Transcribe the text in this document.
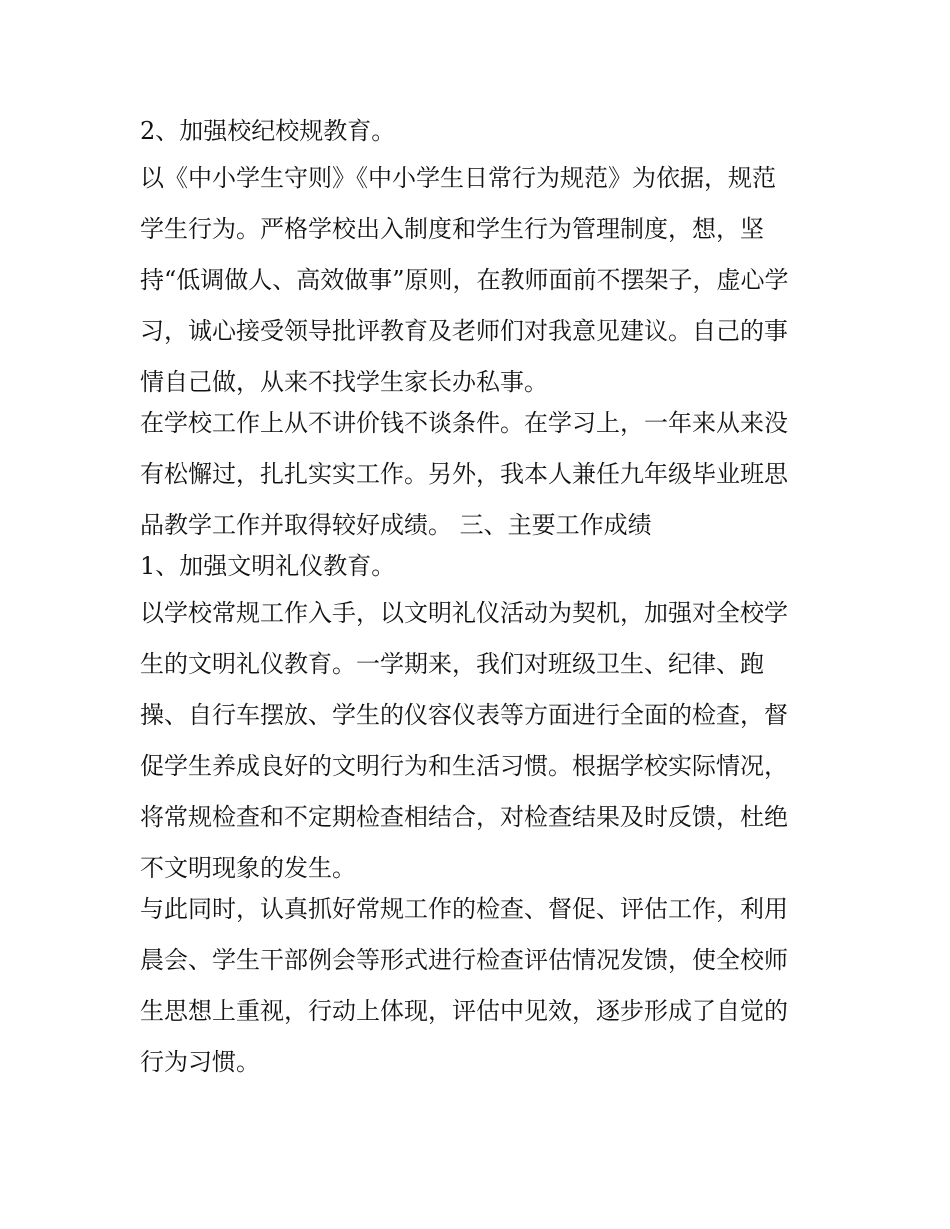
2、加强校纪校规教育。
以《中小学生守则》《中小学生日常行为规范》为依据，规范
学生行为。严格学校出入制度和学生行为管理制度，想，坚
持“低调做人、高效做事”原则，在教师面前不摆架子，虚心学
习，诚心接受领导批评教育及老师们对我意见建议。自己的事
情自己做，从来不找学生家长办私事。
在学校工作上从不讲价钱不谈条件。在学习上，一年来从来没
有松懈过，扎扎实实工作。另外，我本人兼任九年级毕业班思
品教学工作并取得较好成绩。 三、主要工作成绩
1、加强文明礼仪教育。
以学校常规工作入手，以文明礼仪活动为契机，加强对全校学
生的文明礼仪教育。一学期来，我们对班级卫生、纪律、跑
操、自行车摆放、学生的仪容仪表等方面进行全面的检查，督
促学生养成良好的文明行为和生活习惯。根据学校实际情况，
将常规检查和不定期检查相结合，对检查结果及时反馈，杜绝
不文明现象的发生。
与此同时，认真抓好常规工作的检查、督促、评估工作，利用
晨会、学生干部例会等形式进行检查评估情况发馈，使全校师
生思想上重视，行动上体现，评估中见效，逐步形成了自觉的
行为习惯。
